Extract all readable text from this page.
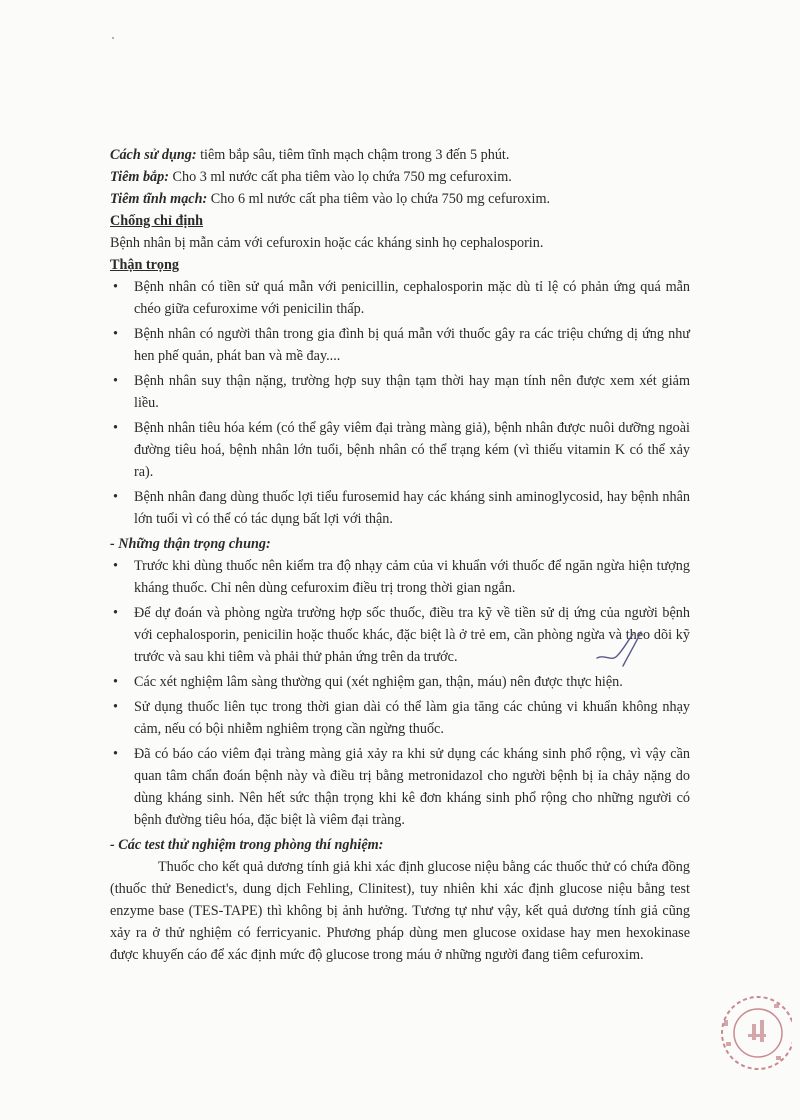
Cách sử dụng: tiêm bắp sâu, tiêm tĩnh mạch chậm trong 3 đến 5 phút.

Tiêm bắp: Cho 3 ml nước cất pha tiêm vào lọ chứa 750 mg cefuroxim.

Tiêm tĩnh mạch: Cho 6 ml nước cất pha tiêm vào lọ chứa 750 mg cefuroxim.

Chống chỉ định

Bệnh nhân bị mẫn cảm với cefuroxin hoặc các kháng sinh họ cephalosporin.

Thận trọng

• Bệnh nhân có tiền sử quá mẫn với penicillin, cephalosporin mặc dù tỉ lệ có phản ứng quá mẫn chéo giữa cefuroxime với penicilin thấp.

• Bệnh nhân có người thân trong gia đình bị quá mẫn với thuốc gây ra các triệu chứng dị ứng như hen phế quản, phát ban và mề đay....

• Bệnh nhân suy thận nặng, trường hợp suy thận tạm thời hay mạn tính nên được xem xét giảm liều.

• Bệnh nhân tiêu hóa kém (có thể gây viêm đại tràng màng giả), bệnh nhân được nuôi dưỡng ngoài đường tiêu hoá, bệnh nhân lớn tuổi, bệnh nhân có thể trạng kém (vì thiếu vitamin K có thể xảy ra).

• Bệnh nhân đang dùng thuốc lợi tiểu furosemid hay các kháng sinh aminoglycosid, hay bệnh nhân lớn tuổi vì có thể có tác dụng bất lợi với thận.

- Những thận trọng chung:

• Trước khi dùng thuốc nên kiểm tra độ nhạy cảm của vi khuẩn với thuốc để ngăn ngừa hiện tượng kháng thuốc. Chỉ nên dùng cefuroxim điều trị trong thời gian ngắn.

• Để dự đoán và phòng ngừa trường hợp sốc thuốc, điều tra kỹ về tiền sử dị ứng của người bệnh với cephalosporin, penicilin hoặc thuốc khác, đặc biệt là ở trẻ em, cần phòng ngừa và theo dõi kỹ trước và sau khi tiêm và phải thử phản ứng trên da trước.

• Các xét nghiệm lâm sàng thường qui (xét nghiệm gan, thận, máu) nên được thực hiện.

• Sử dụng thuốc liên tục trong thời gian dài có thể làm gia tăng các chủng vi khuẩn không nhạy cảm, nếu có bội nhiễm nghiêm trọng cần ngừng thuốc.

• Đã có báo cáo viêm đại tràng màng giả xảy ra khi sử dụng các kháng sinh phổ rộng, vì vậy cần quan tâm chẩn đoán bệnh này và điều trị bằng metronidazol cho người bệnh bị ỉa chảy nặng do dùng kháng sinh. Nên hết sức thận trọng khi kê đơn kháng sinh phổ rộng cho những người có bệnh đường tiêu hóa, đặc biệt là viêm đại tràng.

- Các test thử nghiệm trong phòng thí nghiệm:

Thuốc cho kết quả dương tính giả khi xác định glucose niệu bằng các thuốc thử có chứa đồng (thuốc thử Benedict's, dung dịch Fehling, Clinitest), tuy nhiên khi xác định glucose niệu bằng test enzyme base (TES-TAPE) thì không bị ảnh hưởng. Tương tự như vậy, kết quả dương tính giả cũng xảy ra ở thử nghiệm có ferricyanic. Phương pháp dùng men glucose oxidase hay men hexokinase được khuyến cáo để xác định mức độ glucose trong máu ở những người đang tiêm cefuroxim.
